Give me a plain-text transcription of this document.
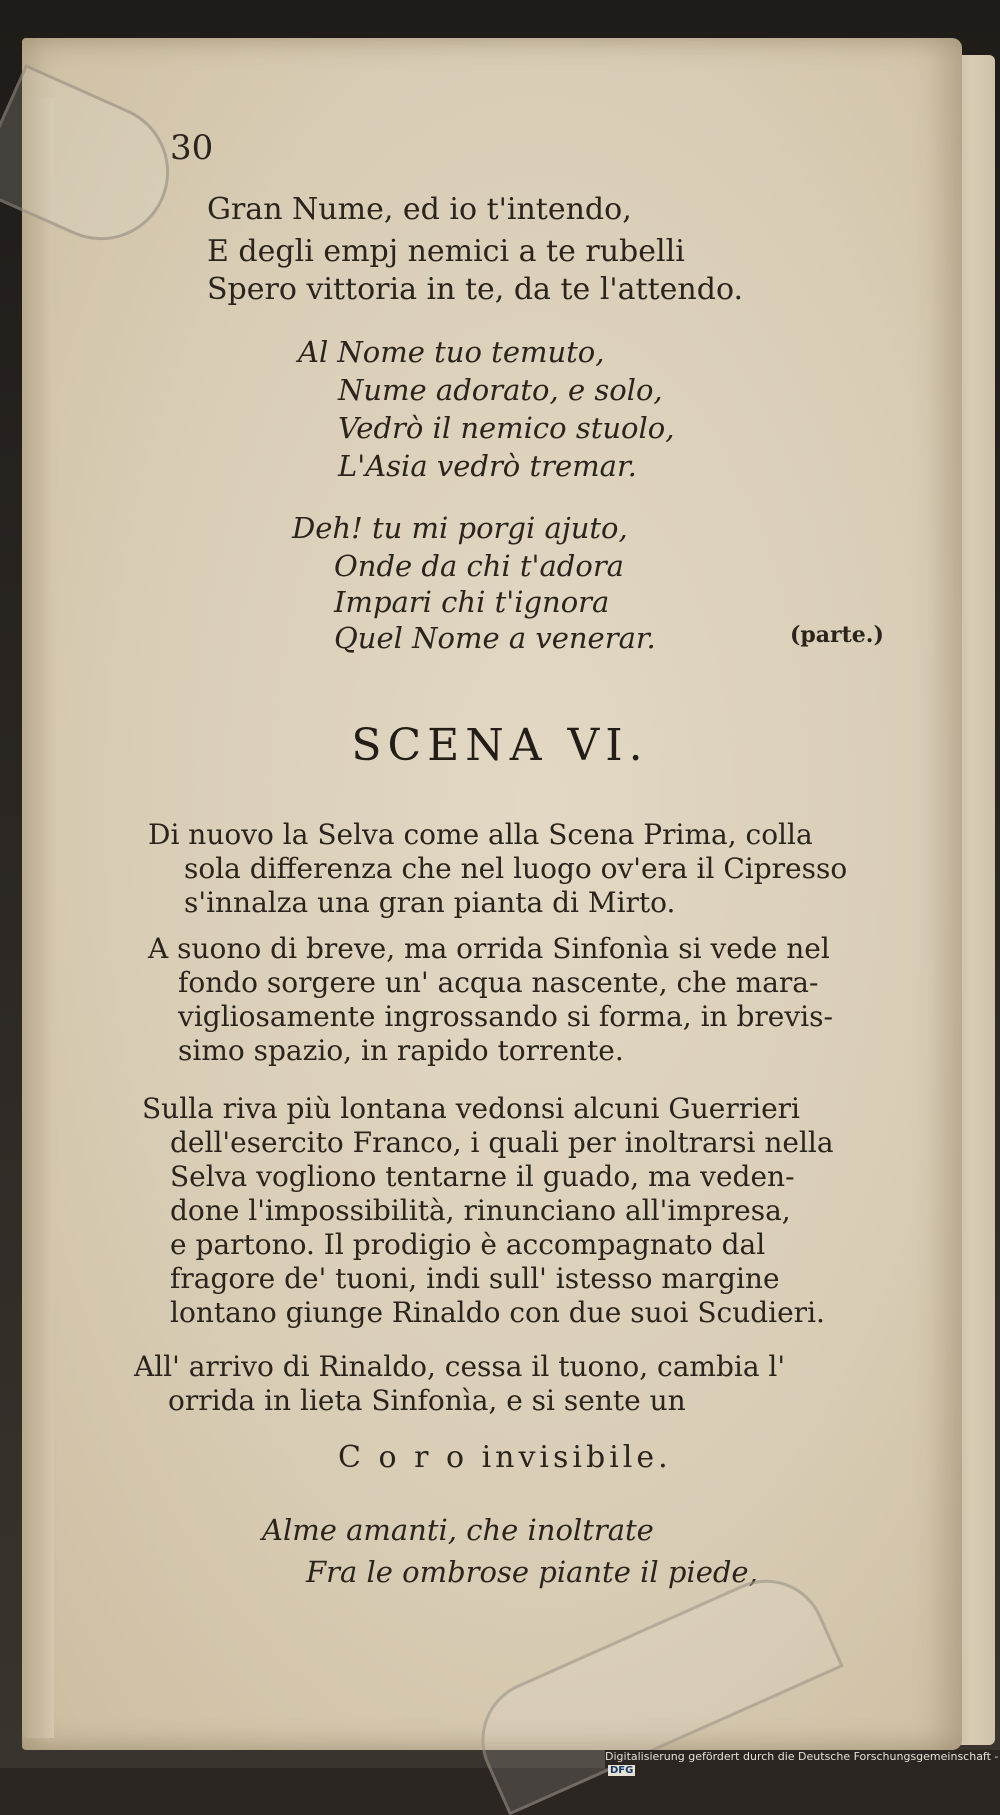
30
Gran Nume, ed io t'intendo,
E degli empj nemici a te rubelli
Spero vittoria in te, da te l'attendo.
Al Nome tuo temuto,
Nume adorato, e solo,
Vedrò il nemico stuolo,
L'Asia vedrò tremar.
Deh! tu mi porgi ajuto,
Onde da chi t'adora
Impari chi t'ignora
Quel Nome a venerar.	(parte.)
SCENA VI.
Di nuovo la Selva come alla Scena Prima, colla
sola differenza che nel luogo ov'era il Cipresso
s'innalza una gran pianta di Mirto.
A suono di breve, ma orrida Sinfonìa si vede nel
fondo sorgere un' acqua nascente, che mara-
vigliosamente ingrossando si forma, in brevis-
simo spazio, in rapido torrente.
Sulla riva più lontana vedonsi alcuni Guerrieri
dell'esercito Franco, i quali per inoltrarsi nella
Selva vogliono tentarne il guado, ma veden-
done l'impossibilità, rinunciano all'impresa,
e partono. Il prodigio è accompagnato dal
fragore de' tuoni, indi sull' istesso margine
lontano giunge Rinaldo con due suoi Scudieri.
All' arrivo di Rinaldo, cessa il tuono, cambia l'
orrida in lieta Sinfonìa, e si sente un
C o r o invisibile.
Alme amanti, che inoltrate
Fra le ombrose piante il piede,
Digitalisierung gefördert durch die Deutsche Forschungsgemeinschaft -DFG
